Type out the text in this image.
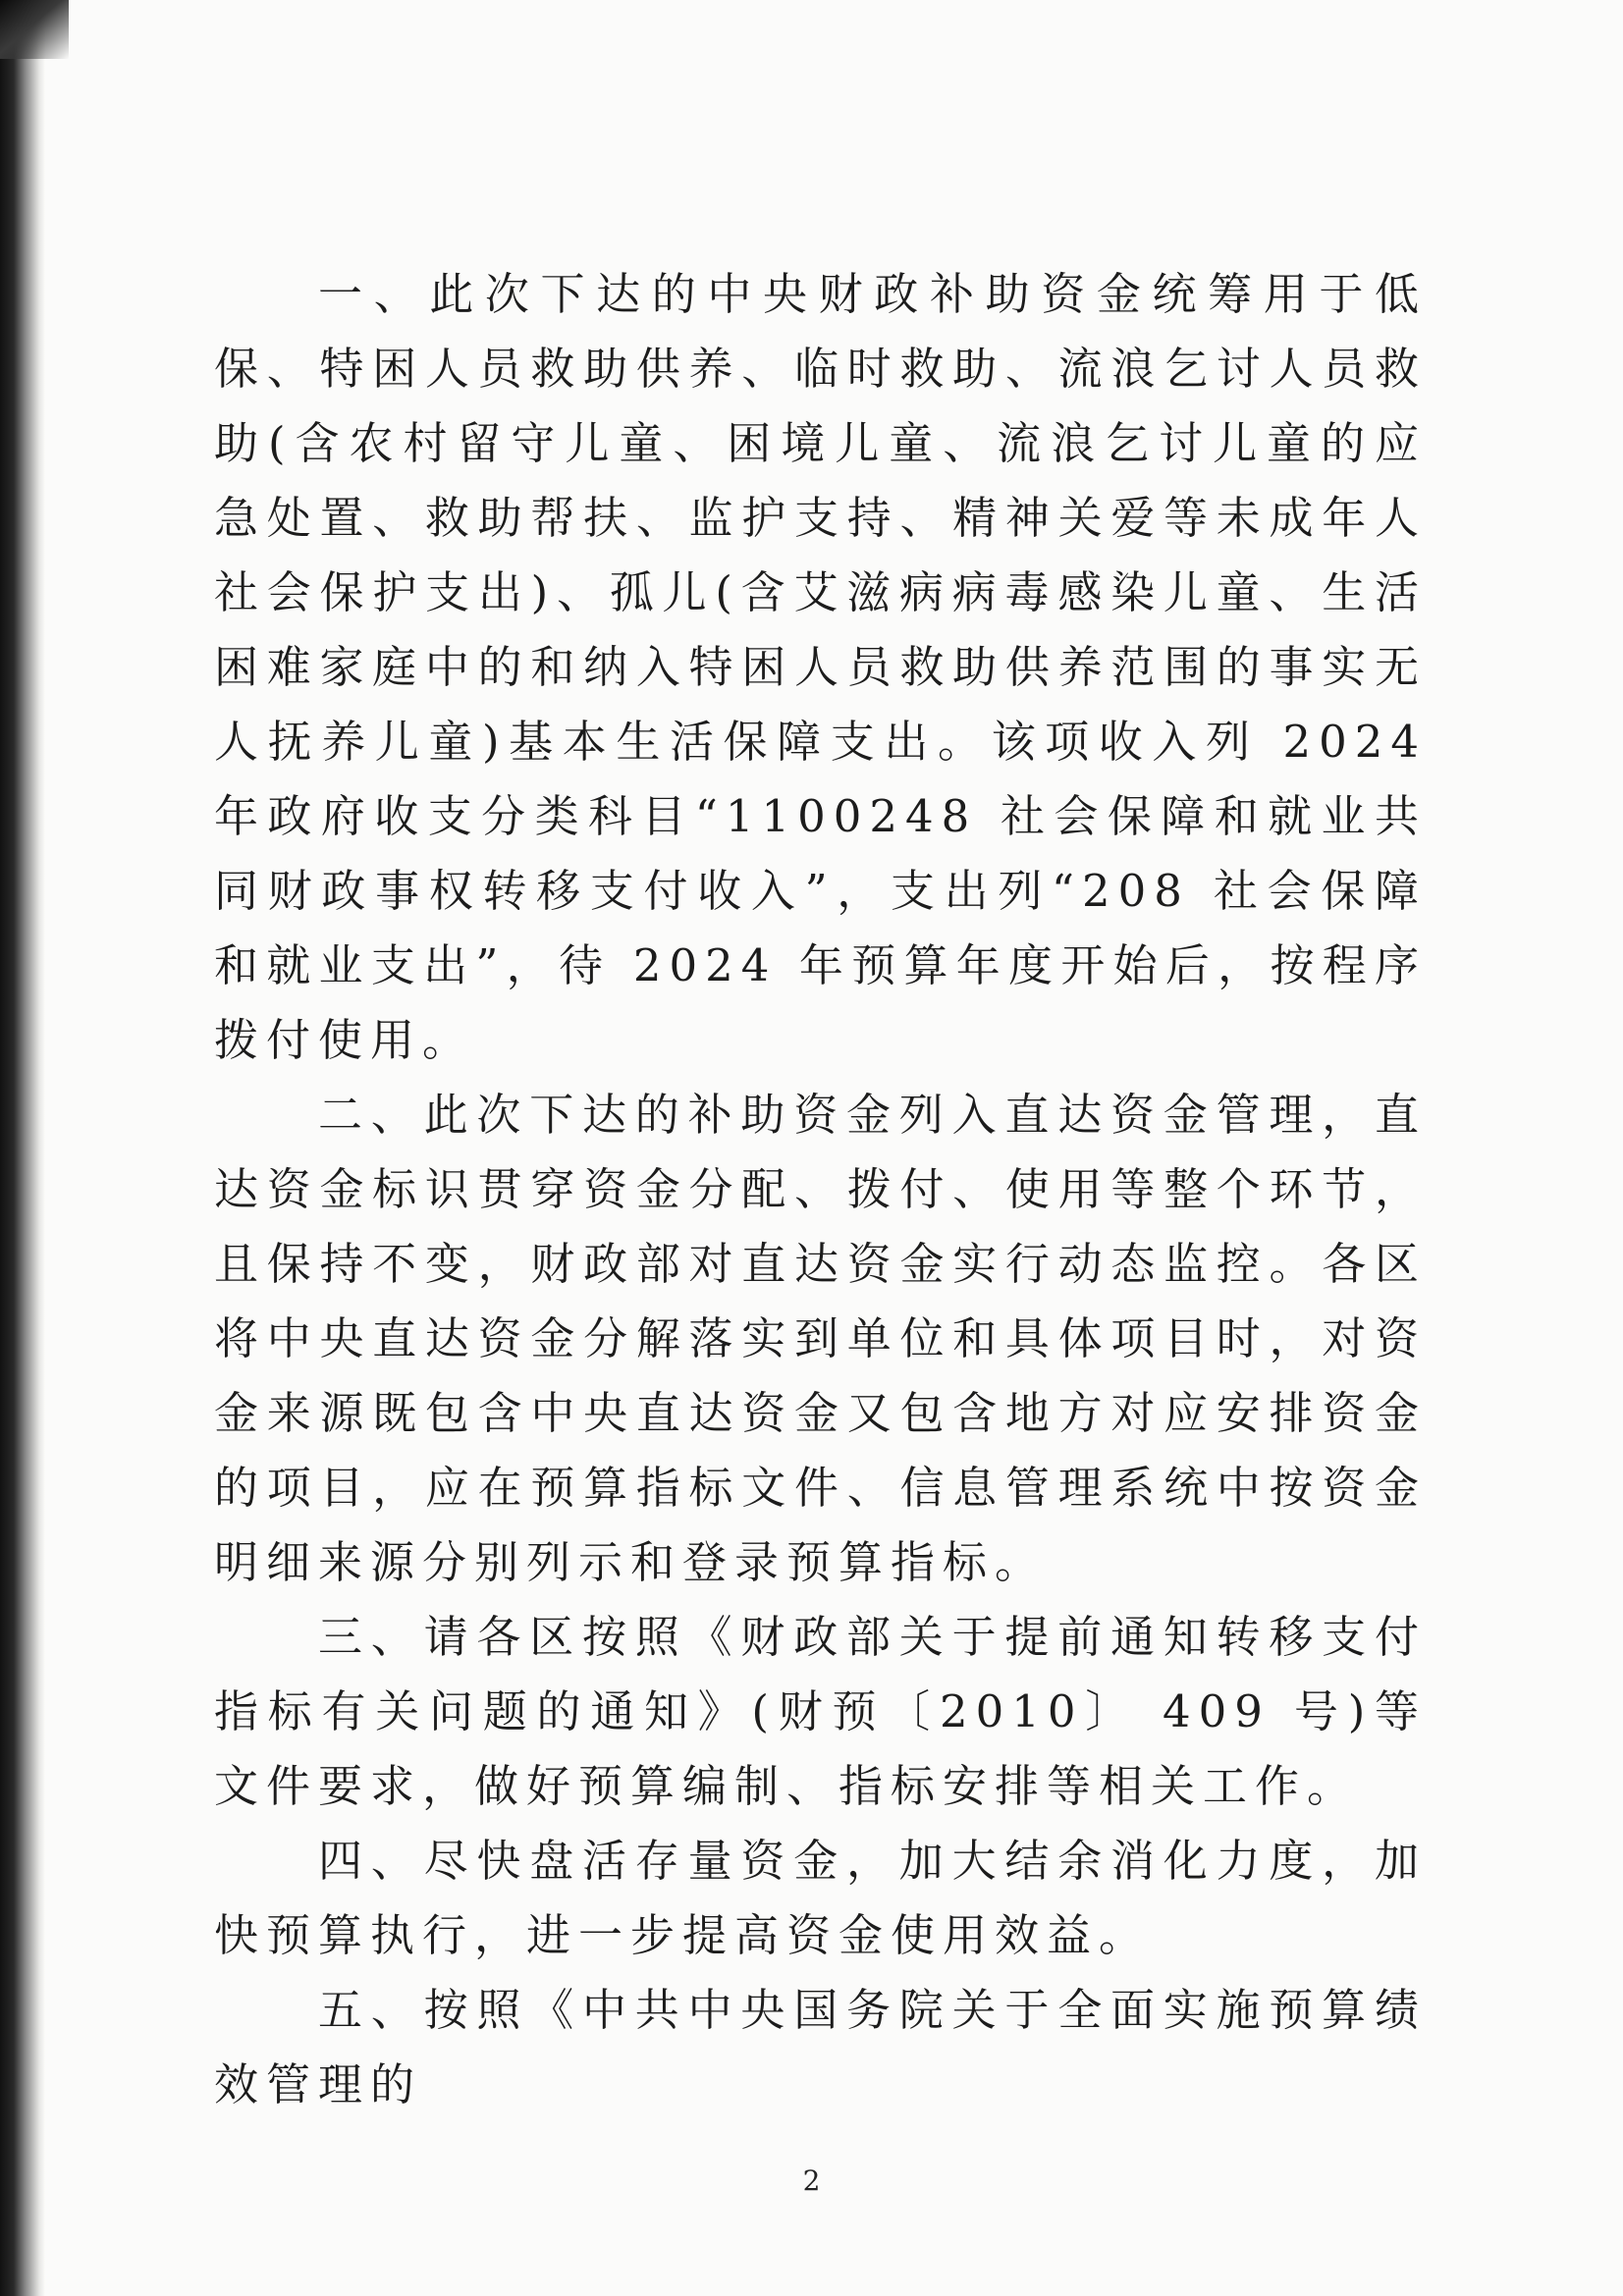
一、此次下达的中央财政补助资金统筹用于低保、特困人员救助供养、临时救助、流浪乞讨人员救助(含农村留守儿童、困境儿童、流浪乞讨儿童的应急处置、救助帮扶、监护支持、精神关爱等未成年人社会保护支出)、孤儿(含艾滋病病毒感染儿童、生活困难家庭中的和纳入特困人员救助供养范围的事实无人抚养儿童)基本生活保障支出。该项收入列 2024 年政府收支分类科目“1100248 社会保障和就业共同财政事权转移支付收入”，支出列“208 社会保障和就业支出”，待 2024 年预算年度开始后，按程序拨付使用。

二、此次下达的补助资金列入直达资金管理，直达资金标识贯穿资金分配、拨付、使用等整个环节，且保持不变，财政部对直达资金实行动态监控。各区将中央直达资金分解落实到单位和具体项目时，对资金来源既包含中央直达资金又包含地方对应安排资金的项目，应在预算指标文件、信息管理系统中按资金明细来源分别列示和登录预算指标。

三、请各区按照《财政部关于提前通知转移支付指标有关问题的通知》(财预〔2010〕 409 号)等文件要求，做好预算编制、指标安排等相关工作。

四、尽快盘活存量资金，加大结余消化力度，加快预算执行，进一步提高资金使用效益。

五、按照《中共中央国务院关于全面实施预算绩效管理的

2
